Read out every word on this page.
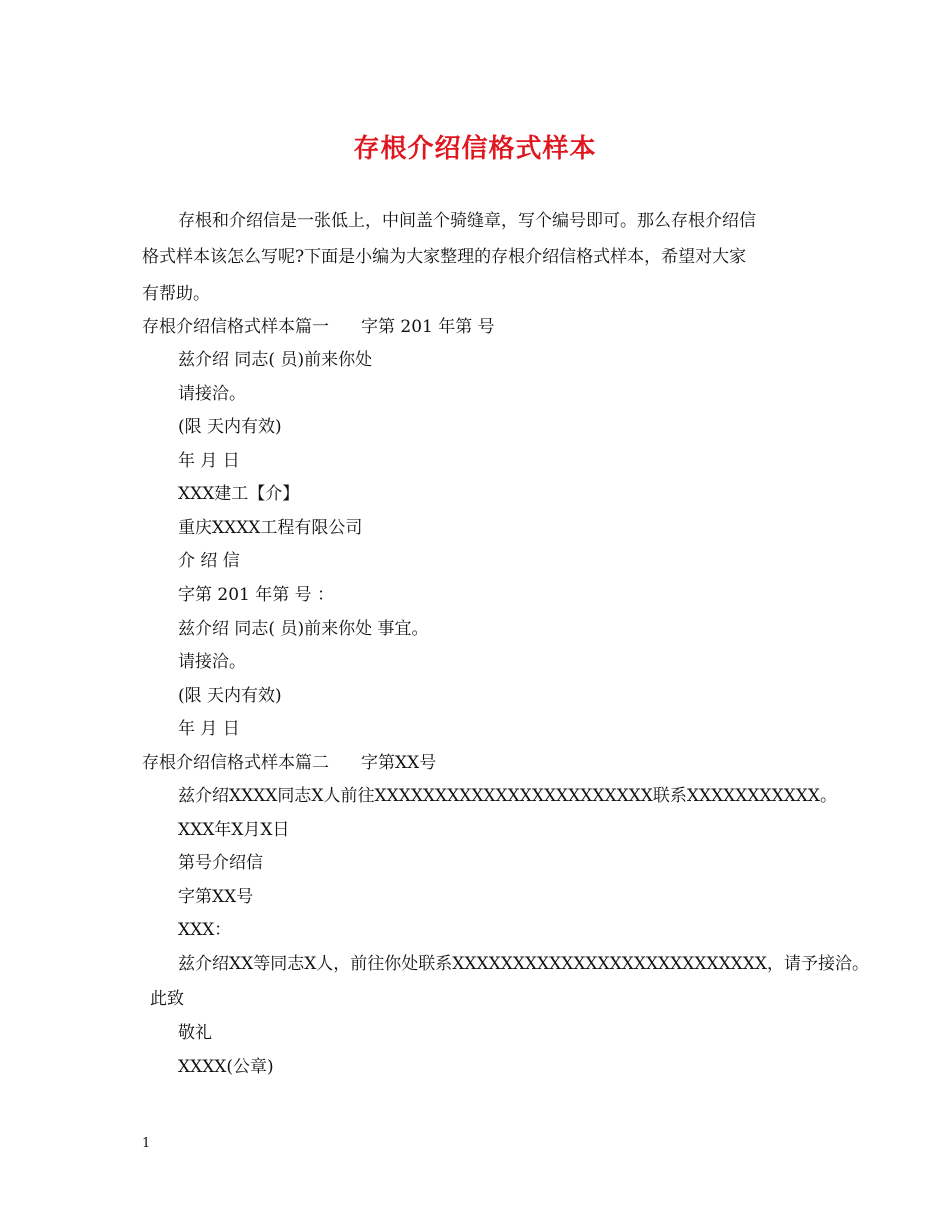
存根介绍信格式样本
存根和介绍信是一张低上，中间盖个骑缝章，写个编号即可。那么存根介绍信
格式样本该怎么写呢?下面是小编为大家整理的存根介绍信格式样本，希望对大家
有帮助。
存根介绍信格式样本篇一 字第 201 年第 号
兹介绍 同志( 员)前来你处
请接洽。
(限 天内有效)
年 月 日
XXX建工【介】
重庆XXXX工程有限公司
介 绍 信
字第 201 年第 号 ：
兹介绍 同志( 员)前来你处 事宜。
请接洽。
(限 天内有效)
年 月 日
存根介绍信格式样本篇二 字第XX号
兹介绍XXXX同志X人前往XXXXXXXXXXXXXXXXXXXXXXX联系XXXXXXXXXXX。
XXX年X月X日
第号介绍信
字第XX号
XXX：
兹介绍XX等同志X人，前往你处联系XXXXXXXXXXXXXXXXXXXXXXXXXX，请予接洽。
此致
敬礼
XXXX(公章)
1
